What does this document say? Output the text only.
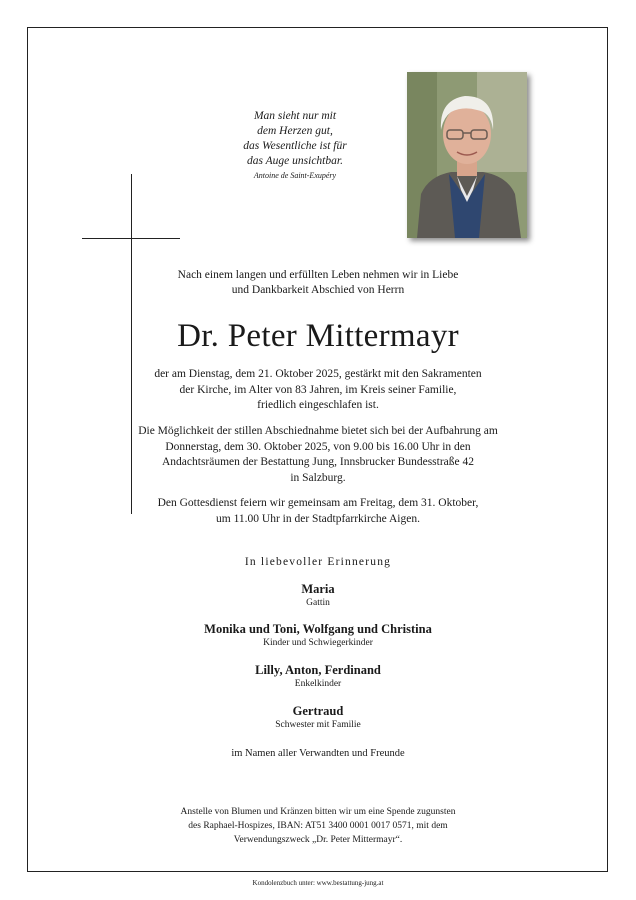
Man sieht nur mit
dem Herzen gut,
das Wesentliche ist für
das Auge unsichtbar.
Antoine de Saint-Exupéry
Nach einem langen und erfüllten Leben nehmen wir in Liebe
und Dankbarkeit Abschied von Herrn
Dr. Peter Mittermayr
der am Dienstag, dem 21. Oktober 2025, gestärkt mit den Sakramenten
der Kirche, im Alter von 83 Jahren, im Kreis seiner Familie,
friedlich eingeschlafen ist.
Die Möglichkeit der stillen Abschiednahme bietet sich bei der Aufbahrung am
Donnerstag, dem 30. Oktober 2025, von 9.00 bis 16.00 Uhr in den
Andachtsräumen der Bestattung Jung, Innsbrucker Bundesstraße 42
in Salzburg.
Den Gottesdienst feiern wir gemeinsam am Freitag, dem 31. Oktober,
um 11.00 Uhr in der Stadtpfarrkirche Aigen.
In liebevoller Erinnerung
Maria
Gattin
Monika und Toni, Wolfgang und Christina
Kinder und Schwiegerkinder
Lilly, Anton, Ferdinand
Enkelkinder
Gertraud
Schwester mit Familie
im Namen aller Verwandten und Freunde
Anstelle von Blumen und Kränzen bitten wir um eine Spende zugunsten
des Raphael-Hospizes, IBAN: AT51 3400 0001 0017 0571, mit dem
Verwendungszweck „Dr. Peter Mittermayr“.
Kondolenzbuch unter: www.bestattung-jung.at
